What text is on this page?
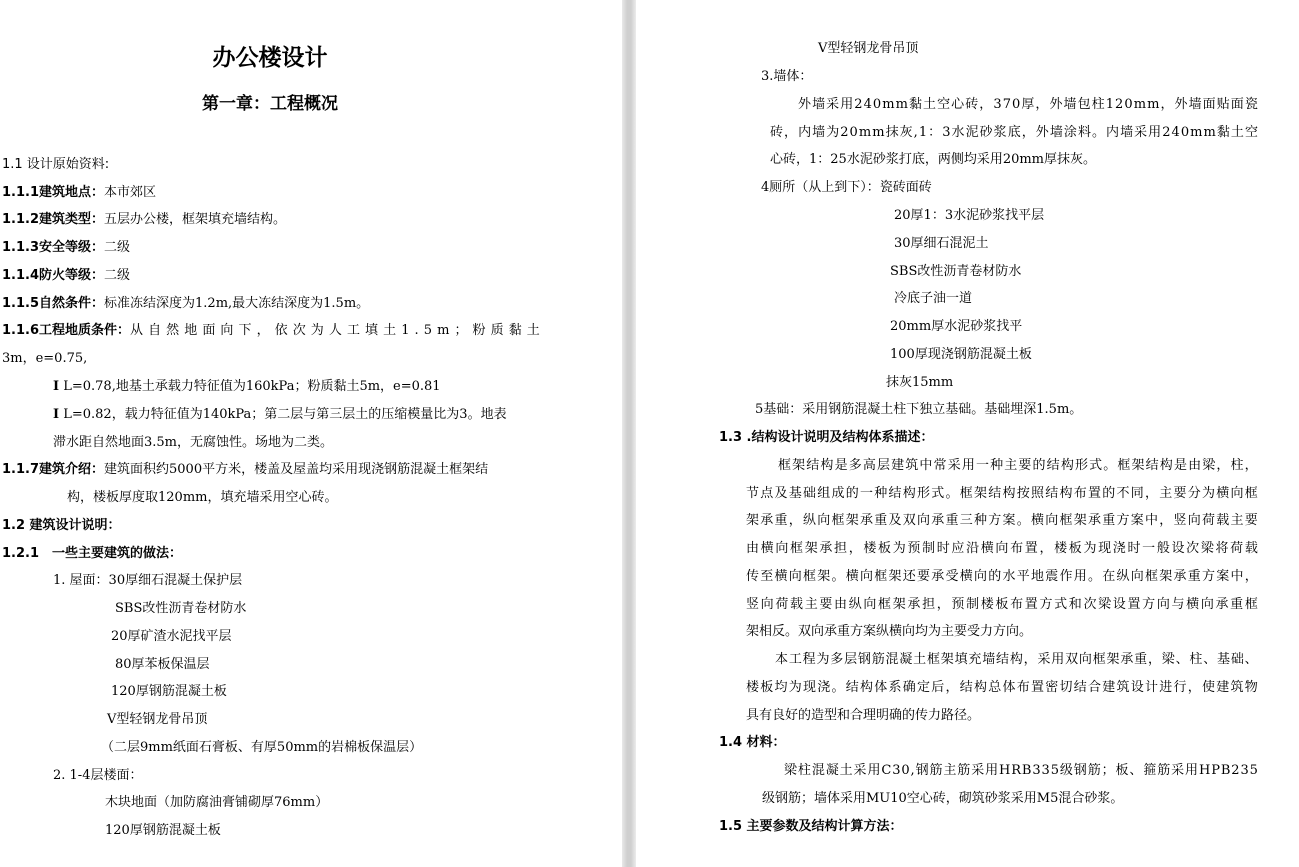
办公楼设计
第一章：工程概况
1.1 设计原始资料:
1.1.1建筑地点：本市郊区
1.1.2建筑类型：五层办公楼，框架填充墙结构。
1.1.3安全等级：二级
1.1.4防火等级：二级
1.1.5自然条件：标准冻结深度为1.2m,最大冻结深度为1.5m。
1.1.6工程地质条件： 从 自 然 地 面 向 下 ， 依 次 为 人 工 填 土 1 . 5 m ； 粉 质 黏 土
3m，e=0.75,
I L=0.78,地基土承载力特征值为160kPa；粉质黏土5m，e=0.81
I L=0.82，载力特征值为140kPa；第二层与第三层土的压缩模量比为3。地表
滞水距自然地面3.5m，无腐蚀性。场地为二类。
1.1.7建筑介绍：建筑面积约5000平方米，楼盖及屋盖均采用现浇钢筋混凝土框架结
构，楼板厚度取120mm，填充墙采用空心砖。
1.2 建筑设计说明：
1.2.1　一些主要建筑的做法：
1. 屋面：30厚细石混凝土保护层
SBS改性沥青卷材防水
20厚矿渣水泥找平层
80厚苯板保温层
120厚钢筋混凝土板
V型轻钢龙骨吊顶
（二层9mm纸面石膏板、有厚50mm的岩棉板保温层）
2. 1-4层楼面：
木块地面（加防腐油膏铺砌厚76mm）
120厚钢筋混凝土板
V型轻钢龙骨吊顶
3.墙体：
外 墙 采 用 2 4 0 m m 黏 土 空 心 砖 ， 3 7 0 厚 ， 外 墙 包 柱 1 2 0 m m ， 外 墙 面 贴 面 瓷
砖 ， 内 墙 为 2 0 m m 抹 灰 , 1 ： 3 水 泥 砂 浆 底 ， 外 墙 涂 料 。 内 墙 采 用 2 4 0 m m 黏 土 空
心砖，1：25水泥砂浆打底，两侧均采用20mm厚抹灰。
4厕所（从上到下）：瓷砖面砖
20厚1：3水泥砂浆找平层
30厚细石混泥土
SBS改性沥青卷材防水
冷底子油一道
20mm厚水泥砂浆找平
100厚现浇钢筋混凝土板
抹灰15mm
5基础：采用钢筋混凝土柱下独立基础。基础埋深1.5m。
1.3 .结构设计说明及结构体系描述：
框 架 结 构 是 多 高 层 建 筑 中 常 采 用 一 种 主 要 的 结 构 形 式 。 框 架 结 构 是 由 梁 ， 柱 ，
节 点 及 基 础 组 成 的 一 种 结 构 形 式 。 框 架 结 构 按 照 结 构 布 置 的 不 同 ， 主 要 分 为 横 向 框
架 承 重 ， 纵 向 框 架 承 重 及 双 向 承 重 三 种 方 案 。 横 向 框 架 承 重 方 案 中 ， 竖 向 荷 载 主 要
由 横 向 框 架 承 担 ， 楼 板 为 预 制 时 应 沿 横 向 布 置 ， 楼 板 为 现 浇 时 一 般 设 次 梁 将 荷 载
传 至 横 向 框 架 。 横 向 框 架 还 要 承 受 横 向 的 水 平 地 震 作 用 。 在 纵 向 框 架 承 重 方 案 中 ，
竖 向 荷 载 主 要 由 纵 向 框 架 承 担 ， 预 制 楼 板 布 置 方 式 和 次 梁 设 置 方 向 与 横 向 承 重 框
架相反。双向承重方案纵横向均为主要受力方向。
本 工 程 为 多 层 钢 筋 混 凝 土 框 架 填 充 墙 结 构 ， 采 用 双 向 框 架 承 重 ， 梁 、 柱 、 基 础 、
楼 板 均 为 现 浇 。 结 构 体 系 确 定 后 ， 结 构 总 体 布 置 密 切 结 合 建 筑 设 计 进 行 ， 使 建 筑 物
具有良好的造型和合理明确的传力路径。
1.4 材料：
梁 柱 混 凝 土 采 用 C 3 0 , 钢 筋 主 筋 采 用 H R B 3 3 5 级 钢 筋 ； 板 、 箍 筋 采 用 H P B 2 3 5
级钢筋；墙体采用MU10空心砖，砌筑砂浆采用M5混合砂浆。
1.5 主要参数及结构计算方法：
